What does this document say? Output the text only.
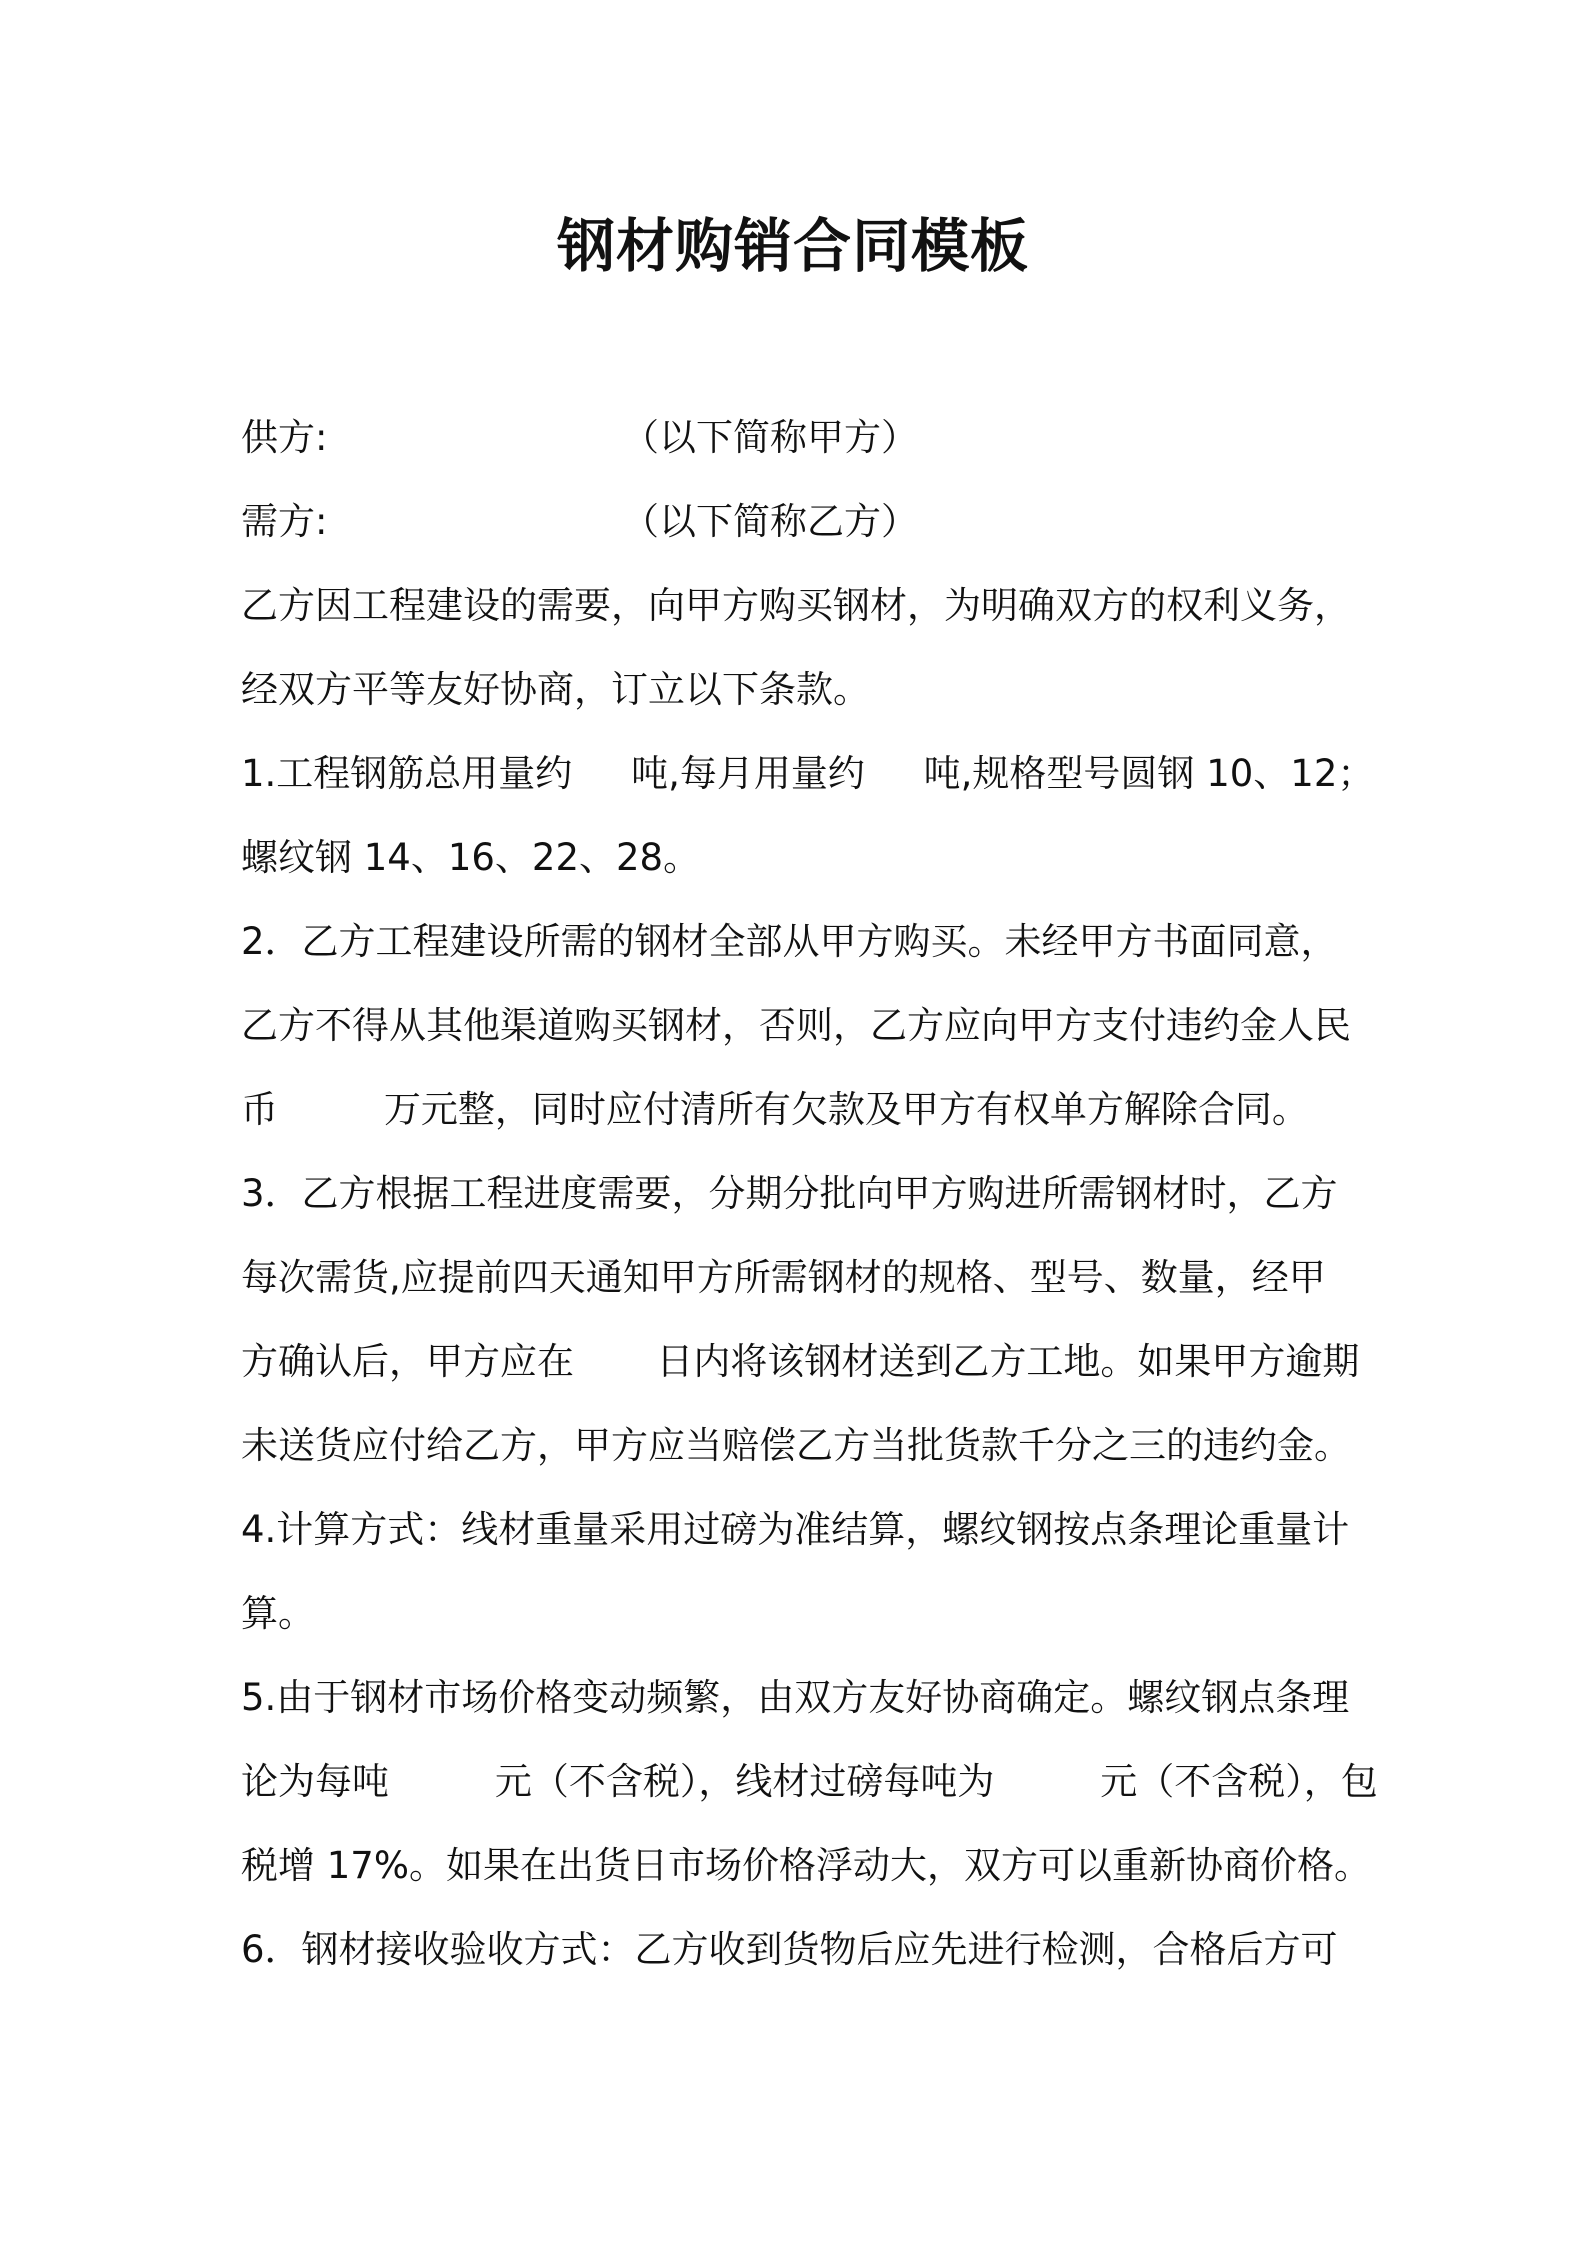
钢材购销合同模板
供方:	（以下简称甲方）
需方:	（以下简称乙方）
乙方因工程建设的需要，向甲方购买钢材，为明确双方的权利义务，
经双方平等友好协商，订立以下条款。
1.工程钢筋总用量约     吨,每月用量约     吨,规格型号圆钢 10、12；
螺纹钢 14、16、22、28。
2．乙方工程建设所需的钢材全部从甲方购买。未经甲方书面同意，
乙方不得从其他渠道购买钢材，否则，乙方应向甲方支付违约金人民
币         万元整，同时应付清所有欠款及甲方有权单方解除合同。
3．乙方根据工程进度需要，分期分批向甲方购进所需钢材时，乙方
每次需货,应提前四天通知甲方所需钢材的规格、型号、数量，经甲
方确认后，甲方应在       日内将该钢材送到乙方工地。如果甲方逾期
未送货应付给乙方，甲方应当赔偿乙方当批货款千分之三的违约金。
4.计算方式：线材重量采用过磅为准结算，螺纹钢按点条理论重量计
算。
5.由于钢材市场价格变动频繁，由双方友好协商确定。螺纹钢点条理
论为每吨         元（不含税），线材过磅每吨为         元（不含税），包
税增 17%。如果在出货日市场价格浮动大，双方可以重新协商价格。
6．钢材接收验收方式：乙方收到货物后应先进行检测，合格后方可
